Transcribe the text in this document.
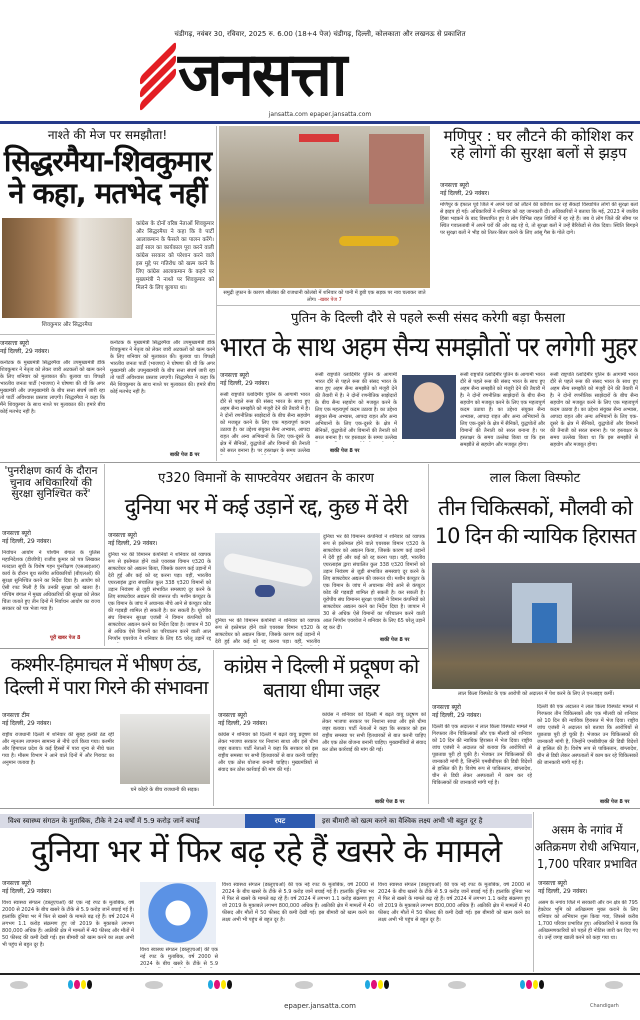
चंडीगढ़, नवंबर 30, रविवार, 2025 रु. 6.00 (18+4 पेज) चंडीगढ़, दिल्ली, कोलकाता और लखनऊ से प्रकाशित
जनसत्ता
jansatta.com epaper.jansatta.com
नाश्ते की मेज पर समझौता!
सिद्धरमैया-शिवकुमार ने कहा, मतभेद नहीं
कांग्रेस के दोनों वरिष्ठ नेताओं शिवकुमार और सिद्धरमैया ने कहा कि वे पार्टी आलाकमान के फैसले का पालन करेंगे। ढाई साल का कार्यकाल पूरा करने वाली कांग्रेस सरकार को परेशान करने वाले इस मुद्दे पर गतिरोध को खत्म करने के लिए कांग्रेस आलाकमान के कहने पर मुख्यमंत्री ने नाश्ते पर शिवकुमार को मिलने के लिए बुलाया था।
शिवकुमार और सिद्धरमैया
जनसत्ता ब्यूरो
नई दिल्ली, 29 नवंबर।
कर्नाटक के मुख्यमंत्री सिद्धरमैया और उपमुख्यमंत्री डीके शिवकुमार ने नेतृत्व को लेकर जारी अटकलों को खत्म करने के लिए शनिवार को मुलाकात की। बुलाया था। विपक्षी भारतीय जनता पार्टी (भाजपा) ने घोषणा की थी कि अगर मुख्यमंत्री और उपमुख्यमंत्री के बीच सत्ता संघर्ष जारी रहा तो पार्टी अविश्वास प्रस्ताव लाएगी। सिद्धरमैया ने कहा कि मैंने शिवकुमार के साथ नाश्ते पर मुलाकात की। हमारे बीच कोई मतभेद नहीं है।
कर्नाटक के मुख्यमंत्री सिद्धरमैया और उपमुख्यमंत्री डीके शिवकुमार ने नेतृत्व को लेकर जारी अटकलों को खत्म करने के लिए शनिवार को मुलाकात की। बुलाया था। विपक्षी भारतीय जनता पार्टी (भाजपा) ने घोषणा की थी कि अगर मुख्यमंत्री और उपमुख्यमंत्री के बीच सत्ता संघर्ष जारी रहा तो पार्टी अविश्वास प्रस्ताव लाएगी। सिद्धरमैया ने कहा कि मैंने शिवकुमार के साथ नाश्ते पर मुलाकात की। हमारे बीच कोई मतभेद नहीं है।
बाकी पेज 8 पर
समुद्री तूफान के कारण श्रीलंका की राजधानी कोलंबो में शनिवार को पानी में डूबी एक सड़क पर नाव चलाकर जाते लोग। -खबर पेज 7
मणिपुर : घर लौटने की कोशिश कर रहे लोगों की सुरक्षा बलों से झड़प
जनसत्ता ब्यूरो
नई दिल्ली, 29 नवंबर।
मणिपुर के इंफाल पूर्व जिले में अपने घरों को लौटने की कोशिश कर रहे सैकड़ों विस्थापित लोगों की सुरक्षा बलों से झड़प हो गई। अधिकारियों ने शनिवार को यह जानकारी दी। अधिकारियों ने बताया कि मई, 2023 में जातीय हिंसा भड़कने के बाद विस्थापित हुए ये लोग विभिन्न राहत शिविरों में रह रहे हैं। जब ये लोग जिले की सीमा पर स्थित गवालताबी में अपने घरों की ओर बढ़ रहे थे, तो सुरक्षा बलों ने उन्हें बैरिकेडों से रोक दिया। स्थिति बिगड़ने पर सुरक्षा बलों ने भीड़ को तितर-बितर करने के लिए आंसू गैस के गोले दागे।
पुतिन के दिल्ली दौरे से पहले रूसी संसद करेगी बड़ा फैसला
भारत के साथ अहम सैन्य समझौतों पर लगेगी मुहर
जनसत्ता ब्यूरो
नई दिल्ली, 29 नवंबर।
रूसी राष्ट्रपति व्लादिमीर पुतिन के आगामी भारत दौरे से पहले रूस की संसद भारत के साथ हुए अहम सैन्य समझौते को मंजूरी देने की तैयारी में है। ने दोनों रणनीतिक साझेदारों के बीच सैन्य सहयोग को मजबूत करने के लिए एक महत्वपूर्ण कदम उठाया है। का उद्देश्य संयुक्त सैन्य अभ्यास, आपदा राहत और अन्य अभियानों के लिए एक-दूसरे के क्षेत्र में सैनिकों, युद्धपोतों और विमानों की तैनाती को सरल बनाना है। पर हस्ताक्षर के समय उल्लेख
रूसी राष्ट्रपति व्लादिमीर पुतिन के आगामी भारत दौरे से पहले रूस की संसद भारत के साथ हुए अहम सैन्य समझौते को मंजूरी देने की तैयारी में है। ने दोनों रणनीतिक साझेदारों के बीच सैन्य सहयोग को मजबूत करने के लिए एक महत्वपूर्ण कदम उठाया है। का उद्देश्य संयुक्त सैन्य अभ्यास, आपदा राहत और अन्य अभियानों के लिए एक-दूसरे के क्षेत्र में सैनिकों, युद्धपोतों और विमानों की तैनाती को सरल बनाना है। पर हस्ताक्षर के समय उल्लेख
रूसी राष्ट्रपति व्लादिमीर पुतिन के आगामी भारत दौरे से पहले रूस की संसद भारत के साथ हुए अहम सैन्य समझौते को मंजूरी देने की तैयारी में है। ने दोनों रणनीतिक साझेदारों के बीच सैन्य सहयोग को मजबूत करने के लिए एक महत्वपूर्ण कदम उठाया है। का उद्देश्य संयुक्त सैन्य अभ्यास, आपदा राहत और अन्य अभियानों के लिए एक-दूसरे के क्षेत्र में सैनिकों, युद्धपोतों और विमानों की तैनाती को सरल बनाना है। पर हस्ताक्षर के समय उल्लेख किया था कि इस समझौते से सहयोग और मजबूत होगा।
रूसी राष्ट्रपति व्लादिमीर पुतिन के आगामी भारत दौरे से पहले रूस की संसद भारत के साथ हुए अहम सैन्य समझौते को मंजूरी देने की तैयारी में है। ने दोनों रणनीतिक साझेदारों के बीच सैन्य सहयोग को मजबूत करने के लिए एक महत्वपूर्ण कदम उठाया है। का उद्देश्य संयुक्त सैन्य अभ्यास, आपदा राहत और अन्य अभियानों के लिए एक-दूसरे के क्षेत्र में सैनिकों, युद्धपोतों और विमानों की तैनाती को सरल बनाना है। पर हस्ताक्षर के समय उल्लेख किया था कि इस समझौते से सहयोग और मजबूत होगा।
बाकी पेज 8 पर
'पुनरीक्षण कार्य के दौरान चुनाव अधिकारियों की सुरक्षा सुनिश्चित करें'
जनसत्ता ब्यूरो
नई दिल्ली, 29 नवंबर।
निर्वाचन आयोग ने पश्चिम बंगाल के पुलिस महानिदेशक (डीजीपी) राजीव कुमार को पत्र लिखकर मतदाता सूची के विशेष गहन पुनरीक्षण (एसआइआर) कार्य के दौरान बूथ स्तरीय अधिकारियों (बीएलओ) की सुरक्षा सुनिश्चित करने का निर्देश दिया है। आयोग को ऐसी रपट मिली है कि उनकी सुरक्षा को खतरा है। पश्चिम बंगाल में मुख्य अधिकारियों की सुरक्षा को लेकर चिंता जताते हुए तीन दिनों में निर्वाचन आयोग का राज्य सरकार को पत्र भेजा गया है।
पूरी खबर पेज 8
ए320 विमानों के साफ्टवेयर अद्यतन के कारण
दुनिया भर में कई उड़ानें रद्द, कुछ में देरी
जनसत्ता ब्यूरो
नई दिल्ली, 29 नवंबर।
दुनिया भर की विमानन कंपनियों ने शनिवार को व्यापक रूप से इस्तेमाल होने वाले एयरबस विमान ए320 के साफ्टवेयर को अद्यतन किया, जिसके कारण कई उड़ानों में देरी हुई और कई को रद्द करना पड़ा। वहीं, भारतीय एयरलाइंस द्वारा संचालित कुल 338 ए320 विमानों को उड़ान नियंत्रण से जुड़ी संभावित समस्याएं दूर करने के लिए साफ्टवेयर अद्यतन की जरूरत थी। मशीन कंप्यूटर के एक विमान के जांच में अचानक नीचे आने से कंप्यूटर कोड की गड़बड़ी शामिल हो सकती है। कर सकती है। यूरोपीय संघ विमानन सुरक्षा एजंसी ने विमान कंपनियों को साफ्टवेयर अद्यतन करने का निर्देश दिया है। जापान में 30 से अधिक ऐसे विमानों का परिचालन करने वाली आल निप्पॉन एयरवेज ने शनिवार के लिए 65 घरेलू उड़ानें रद्द
दुनिया भर की विमानन कंपनियों ने शनिवार को व्यापक रूप से इस्तेमाल होने वाले एयरबस विमान ए320 के साफ्टवेयर को अद्यतन किया, जिसके कारण कई उड़ानों में देरी हुई और कई को रद्द करना पड़ा। वहीं, भारतीय
दुनिया भर की विमानन कंपनियों ने शनिवार को व्यापक रूप से इस्तेमाल होने वाले एयरबस विमान ए320 के साफ्टवेयर को अद्यतन किया, जिसके कारण कई उड़ानों में देरी हुई और कई को रद्द करना पड़ा। वहीं, भारतीय एयरलाइंस द्वारा संचालित कुल 338 ए320 विमानों को उड़ान नियंत्रण से जुड़ी संभावित समस्याएं दूर करने के लिए साफ्टवेयर अद्यतन की जरूरत थी। मशीन कंप्यूटर के एक विमान के जांच में अचानक नीचे आने से कंप्यूटर कोड की गड़बड़ी शामिल हो सकती है। कर सकती है। यूरोपीय संघ विमानन सुरक्षा एजंसी ने विमान कंपनियों को साफ्टवेयर अद्यतन करने का निर्देश दिया है। जापान में 30 से अधिक ऐसे विमानों का परिचालन करने वाली आल निप्पॉन एयरवेज ने शनिवार के लिए 65 घरेलू उड़ानें रद्द कर दीं।
बाकी पेज 8 पर
लाल किला विस्फोट
तीन चिकित्सकों, मौलवी को 10 दिन की न्यायिक हिरासत
लाल किला विस्फोट के एक आरोपी को अदालत में पेश करने के लिए ले एनआइए कर्मी।
जनसत्ता ब्यूरो
नई दिल्ली, 29 नवंबर।
दिल्ली की एक अदालत ने लाल किला विस्फोट मामले में गिरफ्तार तीन चिकित्सकों और एक मौलवी को शनिवार को 10 दिन की न्यायिक हिरासत में भेज दिया। राष्ट्रीय जांच एजंसी ने अदालत को बताया कि आरोपियों से पूछताछ पूरी हो चुकी है। भेजकर उन चिकित्सकों की जानकारी मांगी है, जिन्होंने एमबीबीएस की डिग्री विदेशों से हासिल की है। विशेष रूप से पाकिस्तान, बांग्लादेश, चीन से डिग्री लेकर अस्पतालों में काम कर रहे चिकित्सकों की जानकारी मांगी गई है।
दिल्ली की एक अदालत ने लाल किला विस्फोट मामले में गिरफ्तार तीन चिकित्सकों और एक मौलवी को शनिवार को 10 दिन की न्यायिक हिरासत में भेज दिया। राष्ट्रीय जांच एजंसी ने अदालत को बताया कि आरोपियों से पूछताछ पूरी हो चुकी है। भेजकर उन चिकित्सकों की जानकारी मांगी है, जिन्होंने एमबीबीएस की डिग्री विदेशों से हासिल की है। विशेष रूप से पाकिस्तान, बांग्लादेश, चीन से डिग्री लेकर अस्पतालों में काम कर रहे चिकित्सकों की जानकारी मांगी गई है।
बाकी पेज 8 पर
कश्मीर-हिमाचल में भीषण ठंड, दिल्ली में पारा गिरने की संभावना
जनसत्ता टीम
नई दिल्ली, 29 नवंबर।
राष्ट्रीय राजधानी दिल्ली में शनिवार की सुबह हल्की ठंड रही और न्यूनतम तापमान सामान्य से नीचे दर्ज किया गया। कश्मीर और हिमाचल प्रदेश के कई हिस्सों में पारा शून्य से नीचे चला गया है। मौसम विभाग ने आने वाले दिनों में और गिरावट का अनुमान जताया है।
घने कोहरे के बीच राजधानी की सड़क।
कांग्रेस ने दिल्ली में प्रदूषण को बताया धीमा जहर
जनसत्ता ब्यूरो
नई दिल्ली, 29 नवंबर।
कांग्रेस ने शनिवार को दिल्ली में बढ़ते वायु प्रदूषण को लेकर भाजपा सरकार पर निशाना साधा और इसे धीमा जहर बताया। पार्टी नेताओं ने कहा कि सरकार को इस राष्ट्रीय समस्या पर सभी हितधारकों से बात करनी चाहिए और एक ठोस योजना बनानी चाहिए। मुख्यमंत्रियों से संवाद कर ठोस कार्रवाई की मांग की गई।
कांग्रेस ने शनिवार को दिल्ली में बढ़ते वायु प्रदूषण को लेकर भाजपा सरकार पर निशाना साधा और इसे धीमा जहर बताया। पार्टी नेताओं ने कहा कि सरकार को इस राष्ट्रीय समस्या पर सभी हितधारकों से बात करनी चाहिए और एक ठोस योजना बनानी चाहिए। मुख्यमंत्रियों से संवाद कर ठोस कार्रवाई की मांग की गई।
बाकी पेज 8 पर
विश्व स्वास्थ्य संगठन के मुताबिक, टीके ने 24 वर्षों में 5.9 करोड़ जानें बचाईं	रपट	इस बीमारी को खत्म करने का वैश्विक लक्ष्य अभी भी बहुत दूर है
दुनिया भर में फिर बढ़ रहे हैं खसरे के मामले
जनसत्ता ब्यूरो
नई दिल्ली, 29 नवंबर।
विश्व स्वास्थ्य संगठन (डब्लूएचओ) की एक नई रपट के मुताबिक, वर्ष 2000 से 2024 के बीच खसरे के टीके से 5.9 करोड़ जानें बचाई गई हैं। हालांकि दुनिया भर में फिर से खसरे के मामले बढ़ रहे हैं। वर्ष 2024 में लगभग 1.1 करोड़ संक्रमण हुए जो 2019 के मुकाबले लगभग 800,000 अधिक हैं। अफ्रीकी क्षेत्र में मामलों में 40 फीसद और मौतों में 50 फीसद की कमी देखी गई। इस बीमारी को खत्म करने का लक्ष्य अभी भी पहुंच से बहुत दूर है।
विश्व स्वास्थ्य संगठन (डब्लूएचओ) की एक नई रपट के मुताबिक, वर्ष 2000 से 2024 के बीच खसरे के टीके से 5.9
विश्व स्वास्थ्य संगठन (डब्लूएचओ) की एक नई रपट के मुताबिक, वर्ष 2000 से 2024 के बीच खसरे के टीके से 5.9 करोड़ जानें बचाई गई हैं। हालांकि दुनिया भर में फिर से खसरे के मामले बढ़ रहे हैं। वर्ष 2024 में लगभग 1.1 करोड़ संक्रमण हुए जो 2019 के मुकाबले लगभग 800,000 अधिक हैं। अफ्रीकी क्षेत्र में मामलों में 40 फीसद और मौतों में 50 फीसद की कमी देखी गई। इस बीमारी को खत्म करने का लक्ष्य अभी भी पहुंच से बहुत दूर है।
विश्व स्वास्थ्य संगठन (डब्लूएचओ) की एक नई रपट के मुताबिक, वर्ष 2000 से 2024 के बीच खसरे के टीके से 5.9 करोड़ जानें बचाई गई हैं। हालांकि दुनिया भर में फिर से खसरे के मामले बढ़ रहे हैं। वर्ष 2024 में लगभग 1.1 करोड़ संक्रमण हुए जो 2019 के मुकाबले लगभग 800,000 अधिक हैं। अफ्रीकी क्षेत्र में मामलों में 40 फीसद और मौतों में 50 फीसद की कमी देखी गई। इस बीमारी को खत्म करने का लक्ष्य अभी भी पहुंच से बहुत दूर है।
असम के नगांव में अतिक्रमण रोधी अभियान, 1,700 परिवार प्रभावित
जनसत्ता ब्यूरो
नई दिल्ली, 29 नवंबर।
असम के नगांव जिले में सरकारी और वन क्षेत्र की 795 हेक्टेयर भूमि को अतिक्रमण मुक्त कराने के लिए शनिवार को अभियान शुरू किया गया, जिससे करीब 1,700 परिवार प्रभावित हुए। अधिकारियों ने बताया कि अतिक्रमणकारियों को पहले ही नोटिस जारी कर दिए गए थे। उन्हें जगह खाली करने को कहा गया था।
epaper.jansatta.com	Chandigarh
